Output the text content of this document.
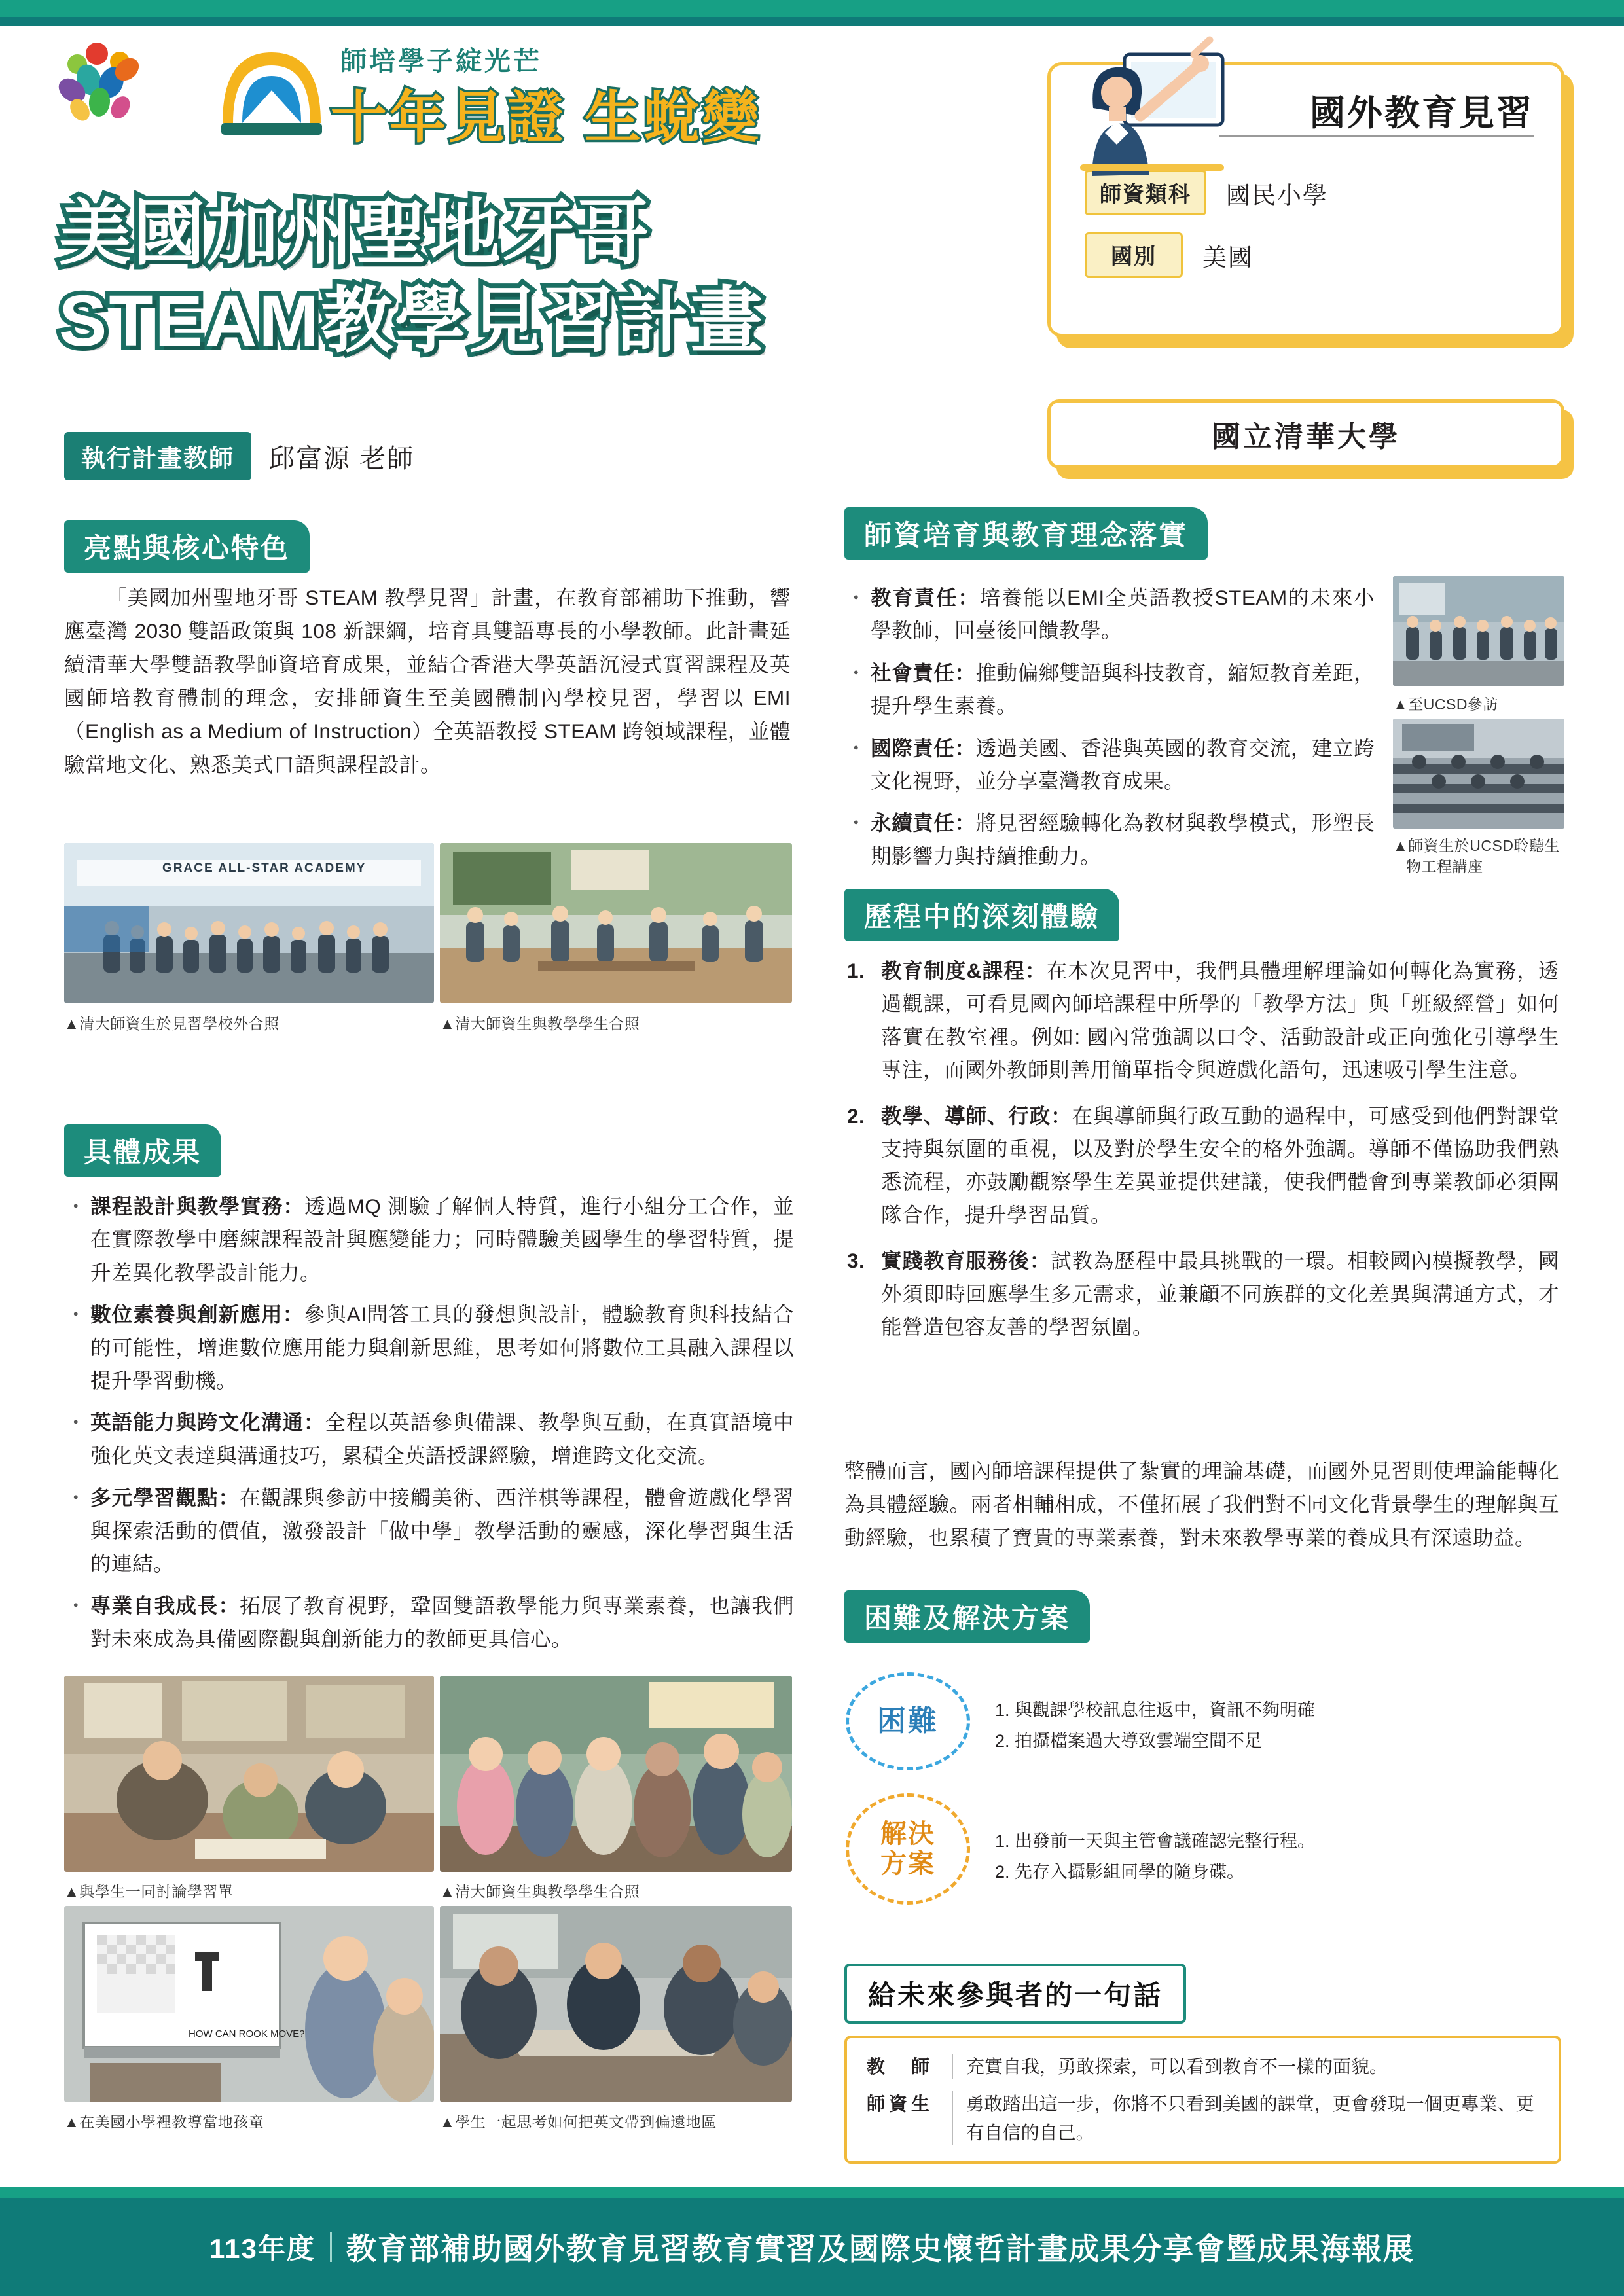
師培學子綻光芒
十年見證 生蛻變
美國加州聖地牙哥
STEAM教學見習計畫
執行計畫教師	邱富源 老師
國外教育見習
師資類科	國民小學
國別	美國
國立清華大學
亮點與核心特色
「美國加州聖地牙哥 STEAM 教學見習」計畫，在教育部補助下推動，響應臺灣 2030 雙語政策與 108 新課綱，培育具雙語專長的小學教師。此計畫延續清華大學雙語教學師資培育成果，並結合香港大學英語沉浸式實習課程及英國師培教育體制的理念，安排師資生至美國體制內學校見習，學習以 EMI（English as a Medium of Instruction）全英語教授 STEAM 跨領域課程，並體驗當地文化、熟悉美式口語與課程設計。
GRACE ALL-STAR ACADEMY
▲清大師資生於見習學校外合照	▲清大師資生與教學學生合照
具體成果
・ 課程設計與教學實務：透過MQ 測驗了解個人特質，進行小組分工合作，並在實際教學中磨練課程設計與應變能力；同時體驗美國學生的學習特質，提升差異化教學設計能力。
・ 數位素養與創新應用：參與AI問答工具的發想與設計，體驗教育與科技結合的可能性，增進數位應用能力與創新思維，思考如何將數位工具融入課程以提升學習動機。
・ 英語能力與跨文化溝通：全程以英語參與備課、教學與互動，在真實語境中強化英文表達與溝通技巧，累積全英語授課經驗，增進跨文化交流。
・ 多元學習觀點：在觀課與參訪中接觸美術、西洋棋等課程，體會遊戲化學習與探索活動的價值，激發設計「做中學」教學活動的靈感，深化學習與生活的連結。
・ 專業自我成長：拓展了教育視野，鞏固雙語教學能力與專業素養，也讓我們對未來成為具備國際觀與創新能力的教師更具信心。
▲與學生一同討論學習單	▲清大師資生與教學學生合照
HOW CAN ROOK MOVE?
▲在美國小學裡教導當地孩童	▲學生一起思考如何把英文帶到偏遠地區
師資培育與教育理念落實
・ 教育責任：培養能以EMI全英語教授STEAM的未來小學教師，回臺後回饋教學。
・ 社會責任：推動偏鄉雙語與科技教育，縮短教育差距，提升學生素養。
・ 國際責任：透過美國、香港與英國的教育交流，建立跨文化視野，並分享臺灣教育成果。
・ 永續責任：將見習經驗轉化為教材與教學模式，形塑長期影響力與持續推動力。
▲至UCSD參訪
▲師資生於UCSD聆聽生
物工程講座
歷程中的深刻體驗
教育制度&課程：在本次見習中，我們具體理解理論如何轉化為實務，透過觀課，可看見國內師培課程中所學的「教學方法」與「班級經營」如何落實在教室裡。例如: 國內常強調以口令、活動設計或正向強化引導學生專注，而國外教師則善用簡單指令與遊戲化語句，迅速吸引學生注意。
教學、導師、行政：在與導師與行政互動的過程中，可感受到他們對課堂支持與氛圍的重視，以及對於學生安全的格外強調。導師不僅協助我們熟悉流程，亦鼓勵觀察學生差異並提供建議，使我們體會到專業教師必須團隊合作，提升學習品質。
實踐教育服務後：試教為歷程中最具挑戰的一環。相較國內模擬教學，國外須即時回應學生多元需求，並兼顧不同族群的文化差異與溝通方式，才能營造包容友善的學習氛圍。
整體而言，國內師培課程提供了紮實的理論基礎，而國外見習則使理論能轉化為具體經驗。兩者相輔相成，不僅拓展了我們對不同文化背景學生的理解與互動經驗，也累積了寶貴的專業素養，對未來教學專業的養成具有深遠助益。
困難及解決方案
困難	1. 與觀課學校訊息往返中，資訊不夠明確
2. 拍攝檔案過大導致雲端空間不足
解決
方案
1. 出發前一天與主管會議確認完整行程。
2. 先存入攝影組同學的隨身碟。
給未來參與者的一句話
教　師	充實自我，勇敢探索，可以看到教育不一樣的面貌。
師資生	勇敢踏出這一步，你將不只看到美國的課堂，更會發現一個更專業、更有自信的自己。
113年度 教育部補助國外教育見習教育實習及國際史懷哲計畫成果分享會暨成果海報展
